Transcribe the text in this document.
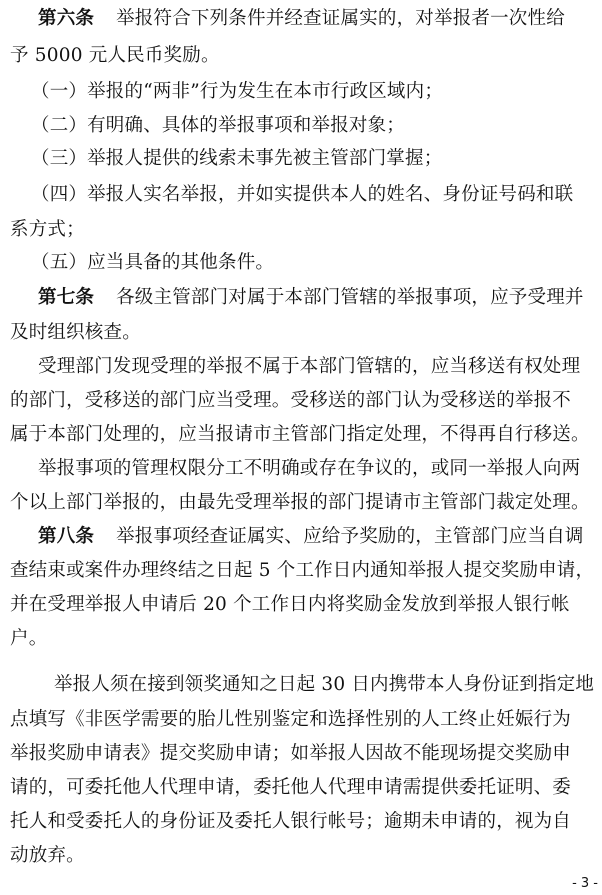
第六条 举报符合下列条件并经查证属实的，对举报者一次性给
予 5000 元人民币奖励。
（一）举报的“两非”行为发生在本市行政区域内；
（二）有明确、具体的举报事项和举报对象；
（三）举报人提供的线索未事先被主管部门掌握；
（四）举报人实名举报，并如实提供本人的姓名、身份证号码和联
系方式；
（五）应当具备的其他条件。
第七条 各级主管部门对属于本部门管辖的举报事项，应予受理并
及时组织核查。
受理部门发现受理的举报不属于本部门管辖的，应当移送有权处理
的部门，受移送的部门应当受理。受移送的部门认为受移送的举报不
属于本部门处理的，应当报请市主管部门指定处理，不得再自行移送。
举报事项的管理权限分工不明确或存在争议的，或同一举报人向两
个以上部门举报的，由最先受理举报的部门提请市主管部门裁定处理。
第八条 举报事项经查证属实、应给予奖励的，主管部门应当自调
查结束或案件办理终结之日起 5 个工作日内通知举报人提交奖励申请，
并在受理举报人申请后 20 个工作日内将奖励金发放到举报人银行帐
户。
举报人须在接到领奖通知之日起 30 日内携带本人身份证到指定地
点填写《非医学需要的胎儿性别鉴定和选择性别的人工终止妊娠行为
举报奖励申请表》提交奖励申请；如举报人因故不能现场提交奖励申
请的，可委托他人代理申请，委托他人代理申请需提供委托证明、委
托人和受委托人的身份证及委托人银行帐号；逾期未申请的，视为自
动放弃。
- 3 -
